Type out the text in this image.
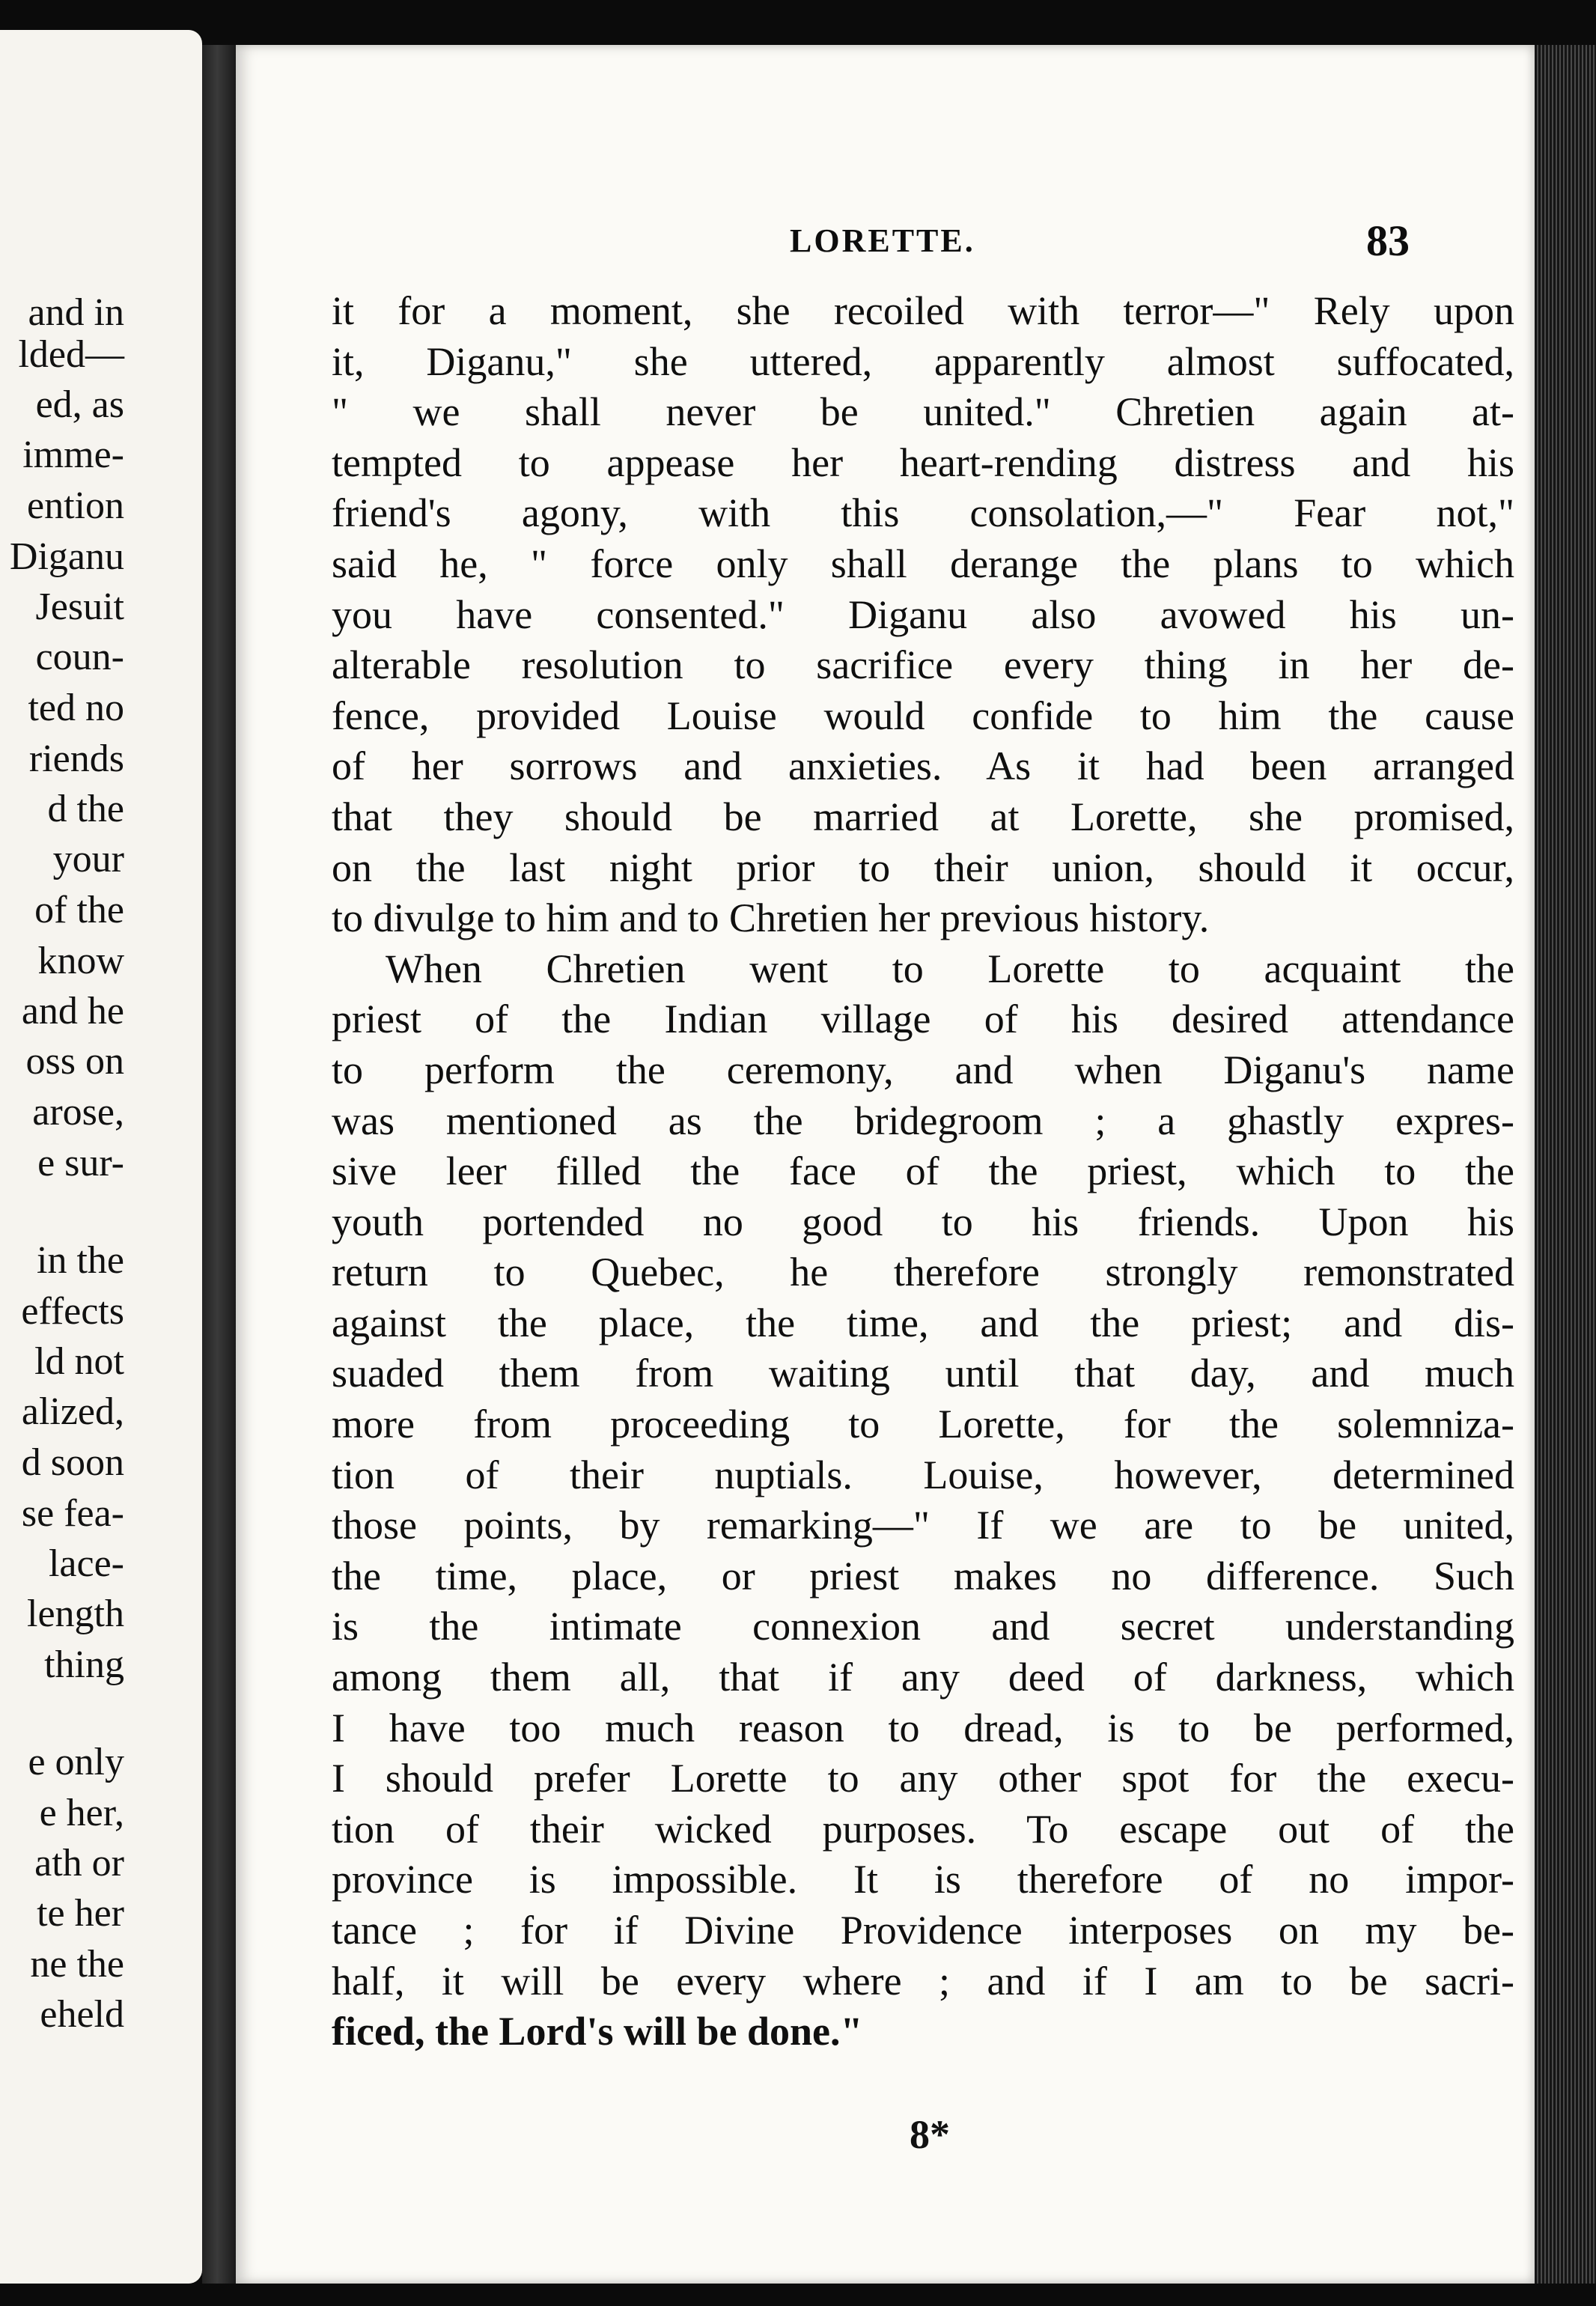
and in
lded—
ed, as
imme-
ention
Diganu
Jesuit
coun-
ted no
riends
d the
your
of the
know
and he
oss on
arose,
e sur-
in the
effects
ld not
alized,
d soon
se fea-
lace-
length
thing
e only
e her,
ath or
te her
ne the
eheld
LORETTE.	83
it for a moment, she recoiled with terror—" Rely upon
it, Diganu," she uttered, apparently almost suffocated,
" we shall never be united." Chretien again at-
tempted to appease her heart-rending distress and his
friend's agony, with this consolation,—" Fear not,"
said he, " force only shall derange the plans to which
you have consented." Diganu also avowed his un-
alterable resolution to sacrifice every thing in her de-
fence, provided Louise would confide to him the cause
of her sorrows and anxieties. As it had been arranged
that they should be married at Lorette, she promised,
on the last night prior to their union, should it occur,
to divulge to him and to Chretien her previous history.
When Chretien went to Lorette to acquaint the
priest of the Indian village of his desired attendance
to perform the ceremony, and when Diganu's name
was mentioned as the bridegroom ; a ghastly expres-
sive leer filled the face of the priest, which to the
youth portended no good to his friends. Upon his
return to Quebec, he therefore strongly remonstrated
against the place, the time, and the priest; and dis-
suaded them from waiting until that day, and much
more from proceeding to Lorette, for the solemniza-
tion of their nuptials. Louise, however, determined
those points, by remarking—" If we are to be united,
the time, place, or priest makes no difference. Such
is the intimate connexion and secret understanding
among them all, that if any deed of darkness, which
I have too much reason to dread, is to be performed,
I should prefer Lorette to any other spot for the execu-
tion of their wicked purposes. To escape out of the
province is impossible. It is therefore of no impor-
tance ; for if Divine Providence interposes on my be-
half, it will be every where ; and if I am to be sacri-
ficed, the Lord's will be done."
8*
